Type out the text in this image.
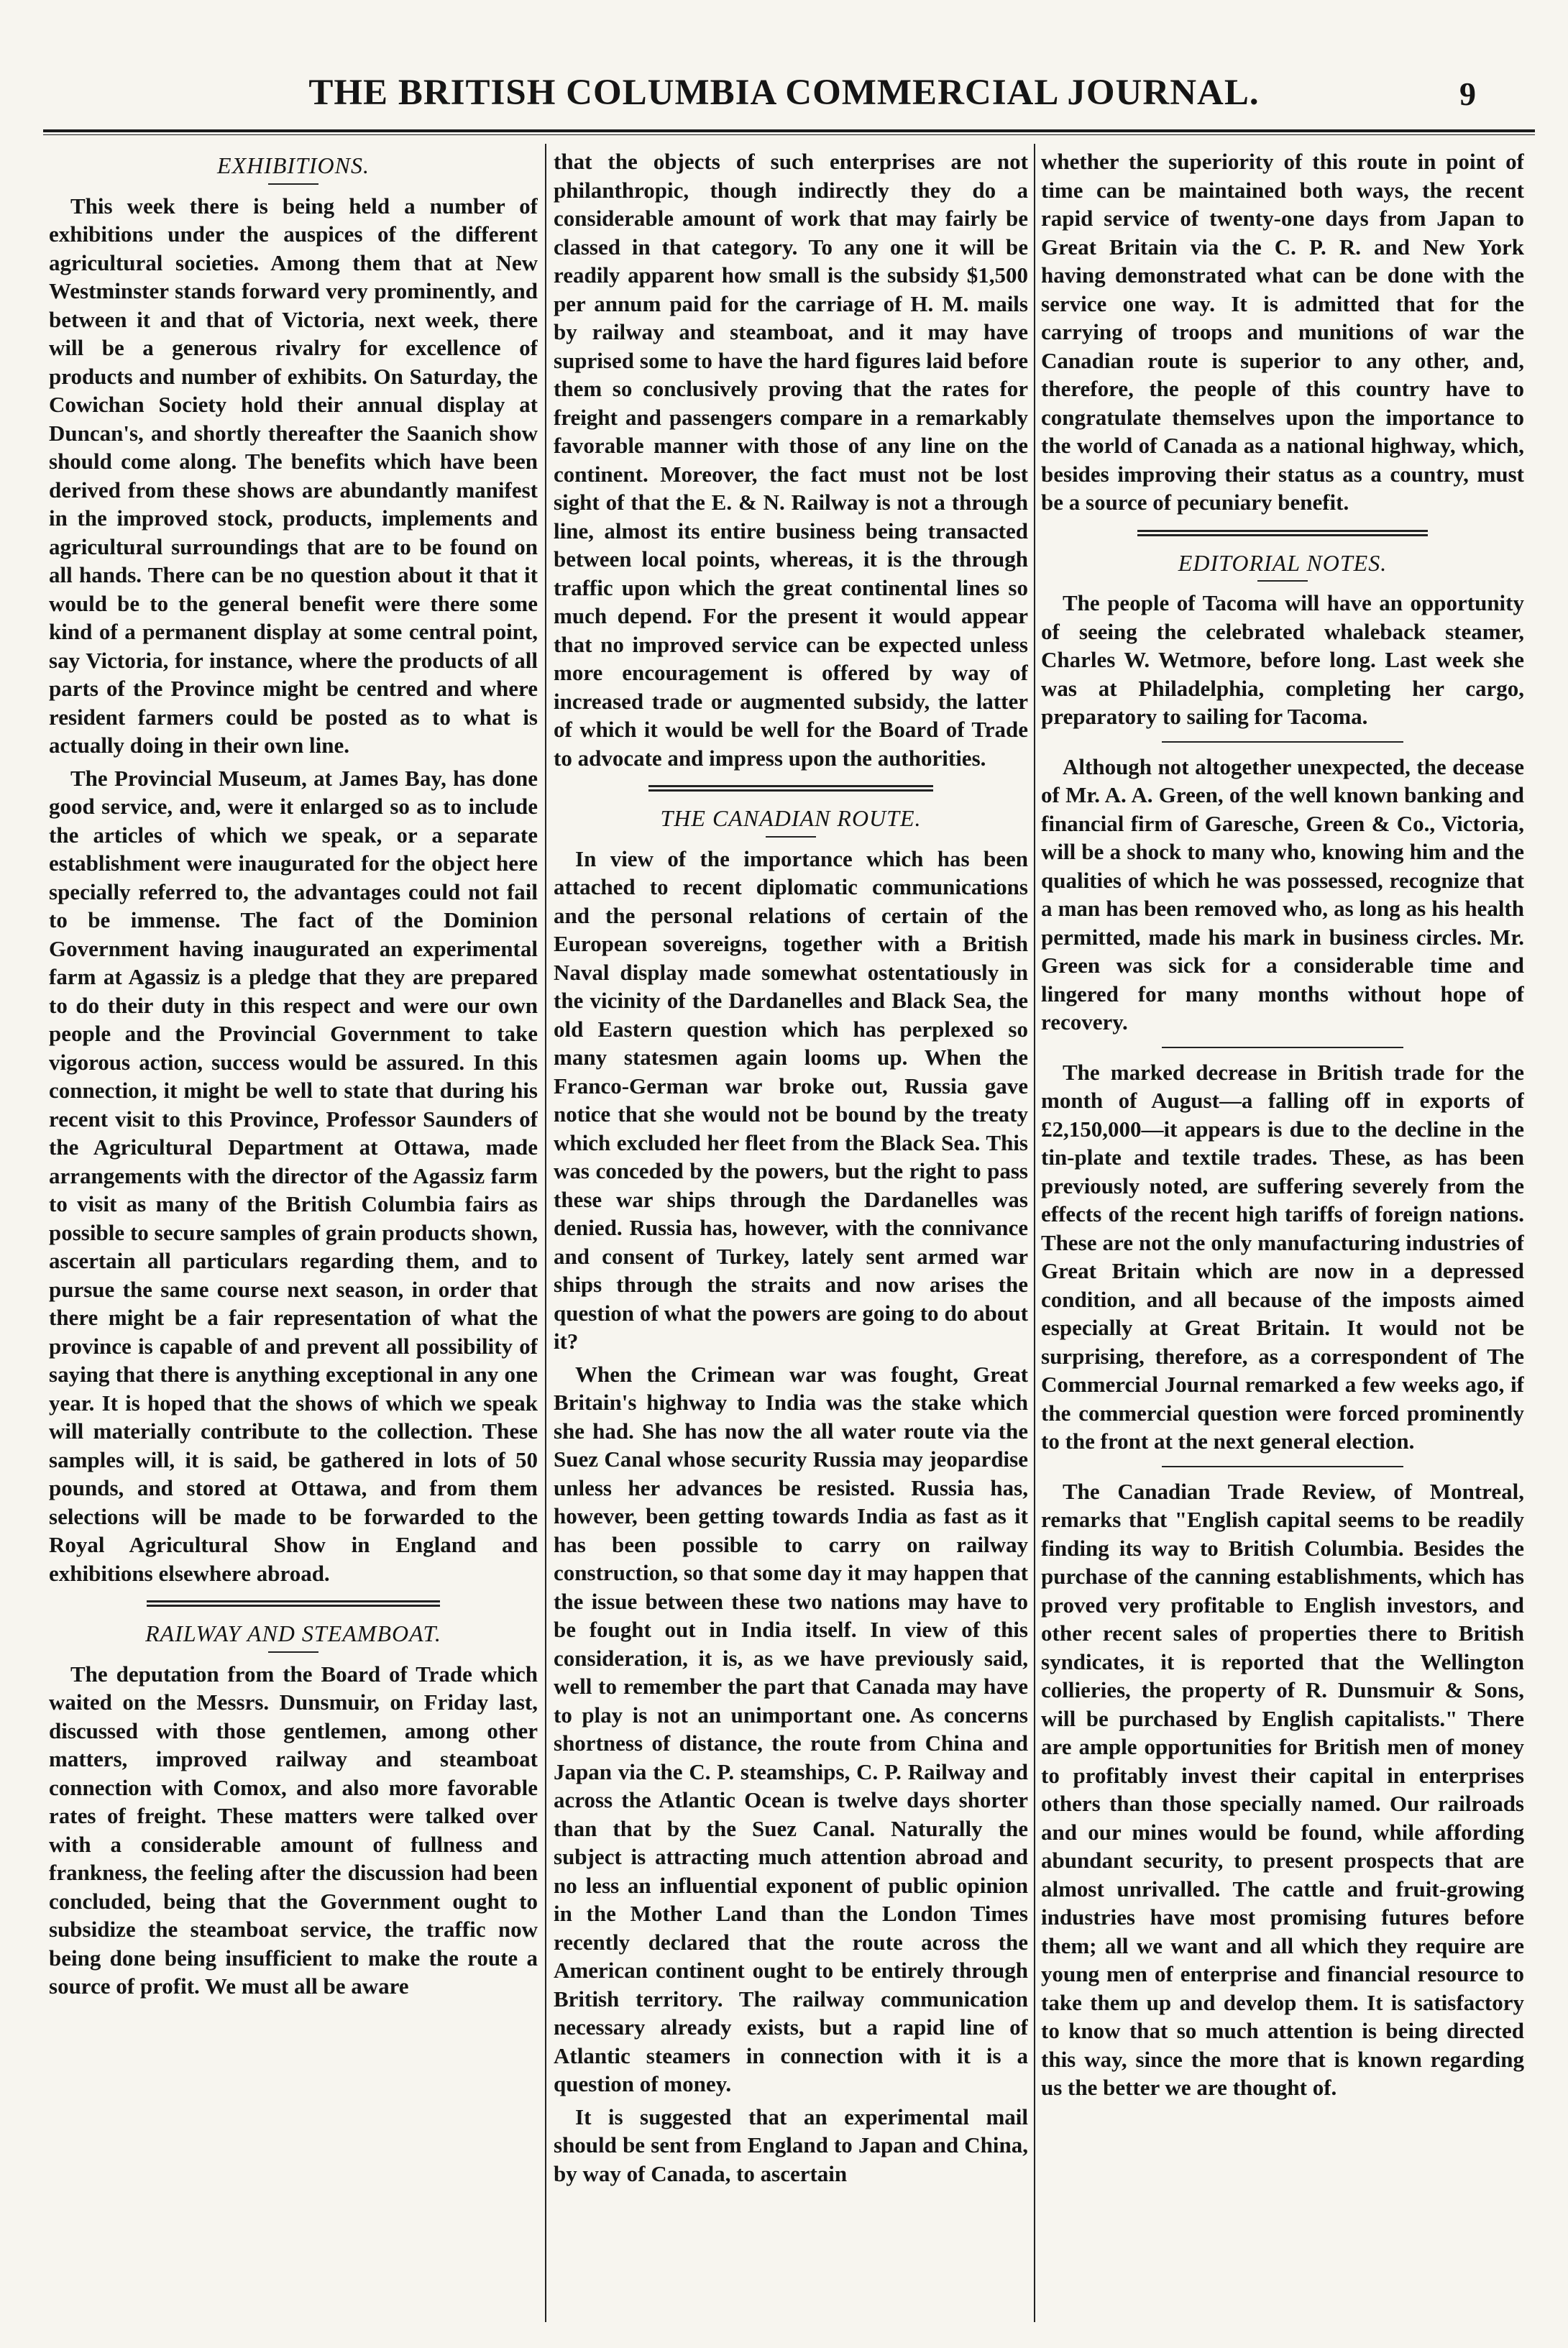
THE BRITISH COLUMBIA COMMERCIAL JOURNAL.	9
EXHIBITIONS.

This week there is being held a number of exhibitions under the auspices of the different agricultural societies. Among them that at New Westminster stands forward very prominently, and between it and that of Victoria, next week, there will be a generous rivalry for excellence of products and number of exhibits. On Saturday, the Cowichan Society hold their annual display at Duncan's, and shortly thereafter the Saanich show should come along. The benefits which have been derived from these shows are abundantly manifest in the improved stock, products, implements and agricultural surroundings that are to be found on all hands. There can be no question about it that it would be to the general benefit were there some kind of a permanent display at some central point, say Victoria, for instance, where the products of all parts of the Province might be centred and where resident farmers could be posted as to what is actually doing in their own line.

The Provincial Museum, at James Bay, has done good service, and, were it enlarged so as to include the articles of which we speak, or a separate establishment were inaugurated for the object here specially referred to, the advantages could not fail to be immense. The fact of the Dominion Government having inaugurated an experimental farm at Agassiz is a pledge that they are prepared to do their duty in this respect and were our own people and the Provincial Government to take vigorous action, success would be assured. In this connection, it might be well to state that during his recent visit to this Province, Professor Saunders of the Agricultural Department at Ottawa, made arrangements with the director of the Agassiz farm to visit as many of the British Columbia fairs as possible to secure samples of grain products shown, ascertain all particulars regarding them, and to pursue the same course next season, in order that there might be a fair representation of what the province is capable of and prevent all possibility of saying that there is anything exceptional in any one year. It is hoped that the shows of which we speak will materially contribute to the collection. These samples will, it is said, be gathered in lots of 50 pounds, and stored at Ottawa, and from them selections will be made to be forwarded to the Royal Agricultural Show in England and exhibitions elsewhere abroad.

RAILWAY AND STEAMBOAT.

The deputation from the Board of Trade which waited on the Messrs. Dunsmuir, on Friday last, discussed with those gentlemen, among other matters, improved railway and steamboat connection with Comox, and also more favorable rates of freight. These matters were talked over with a considerable amount of fullness and frankness, the feeling after the discussion had been concluded, being that the Government ought to subsidize the steamboat service, the traffic now being done being insufficient to make the route a source of profit. We must all be aware

that the objects of such enterprises are not philanthropic, though indirectly they do a considerable amount of work that may fairly be classed in that category. To any one it will be readily apparent how small is the subsidy $1,500 per annum paid for the carriage of H. M. mails by railway and steamboat, and it may have suprised some to have the hard figures laid before them so conclusively proving that the rates for freight and passengers compare in a remarkably favorable manner with those of any line on the continent. Moreover, the fact must not be lost sight of that the E. & N. Railway is not a through line, almost its entire business being transacted between local points, whereas, it is the through traffic upon which the great continental lines so much depend. For the present it would appear that no improved service can be expected unless more encouragement is offered by way of increased trade or augmented subsidy, the latter of which it would be well for the Board of Trade to advocate and impress upon the authorities.

THE CANADIAN ROUTE.

In view of the importance which has been attached to recent diplomatic communications and the personal relations of certain of the European sovereigns, together with a British Naval display made somewhat ostentatiously in the vicinity of the Dardanelles and Black Sea, the old Eastern question which has perplexed so many statesmen again looms up. When the Franco-German war broke out, Russia gave notice that she would not be bound by the treaty which excluded her fleet from the Black Sea. This was conceded by the powers, but the right to pass these war ships through the Dardanelles was denied. Russia has, however, with the connivance and consent of Turkey, lately sent armed war ships through the straits and now arises the question of what the powers are going to do about it?

When the Crimean war was fought, Great Britain's highway to India was the stake which she had. She has now the all water route via the Suez Canal whose security Russia may jeopardise unless her advances be resisted. Russia has, however, been getting towards India as fast as it has been possible to carry on railway construction, so that some day it may happen that the issue between these two nations may have to be fought out in India itself. In view of this consideration, it is, as we have previously said, well to remember the part that Canada may have to play is not an unimportant one. As concerns shortness of distance, the route from China and Japan via the C. P. steamships, C. P. Railway and across the Atlantic Ocean is twelve days shorter than that by the Suez Canal. Naturally the subject is attracting much attention abroad and no less an influential exponent of public opinion in the Mother Land than the London Times recently declared that the route across the American continent ought to be entirely through British territory. The railway communication necessary already exists, but a rapid line of Atlantic steamers in connection with it is a question of money.

It is suggested that an experimental mail should be sent from England to Japan and China, by way of Canada, to ascertain

whether the superiority of this route in point of time can be maintained both ways, the recent rapid service of twenty-one days from Japan to Great Britain via the C. P. R. and New York having demonstrated what can be done with the service one way. It is admitted that for the carrying of troops and munitions of war the Canadian route is superior to any other, and, therefore, the people of this country have to congratulate themselves upon the importance to the world of Canada as a national highway, which, besides improving their status as a country, must be a source of pecuniary benefit.

EDITORIAL NOTES.

The people of Tacoma will have an opportunity of seeing the celebrated whaleback steamer, Charles W. Wetmore, before long. Last week she was at Philadelphia, completing her cargo, preparatory to sailing for Tacoma.

Although not altogether unexpected, the decease of Mr. A. A. Green, of the well known banking and financial firm of Garesche, Green & Co., Victoria, will be a shock to many who, knowing him and the qualities of which he was possessed, recognize that a man has been removed who, as long as his health permitted, made his mark in business circles. Mr. Green was sick for a considerable time and lingered for many months without hope of recovery.

The marked decrease in British trade for the month of August—a falling off in exports of £2,150,000—it appears is due to the decline in the tin-plate and textile trades. These, as has been previously noted, are suffering severely from the effects of the recent high tariffs of foreign nations. These are not the only manufacturing industries of Great Britain which are now in a depressed condition, and all because of the imposts aimed especially at Great Britain. It would not be surprising, therefore, as a correspondent of The Commercial Journal remarked a few weeks ago, if the commercial question were forced prominently to the front at the next general election.

The Canadian Trade Review, of Montreal, remarks that "English capital seems to be readily finding its way to British Columbia. Besides the purchase of the canning establishments, which has proved very profitable to English investors, and other recent sales of properties there to British syndicates, it is reported that the Wellington collieries, the property of R. Dunsmuir & Sons, will be purchased by English capitalists." There are ample opportunities for British men of money to profitably invest their capital in enterprises others than those specially named. Our railroads and our mines would be found, while affording abundant security, to present prospects that are almost unrivalled. The cattle and fruit-growing industries have most promising futures before them; all we want and all which they require are young men of enterprise and financial resource to take them up and develop them. It is satisfactory to know that so much attention is being directed this way, since the more that is known regarding us the better we are thought of.
